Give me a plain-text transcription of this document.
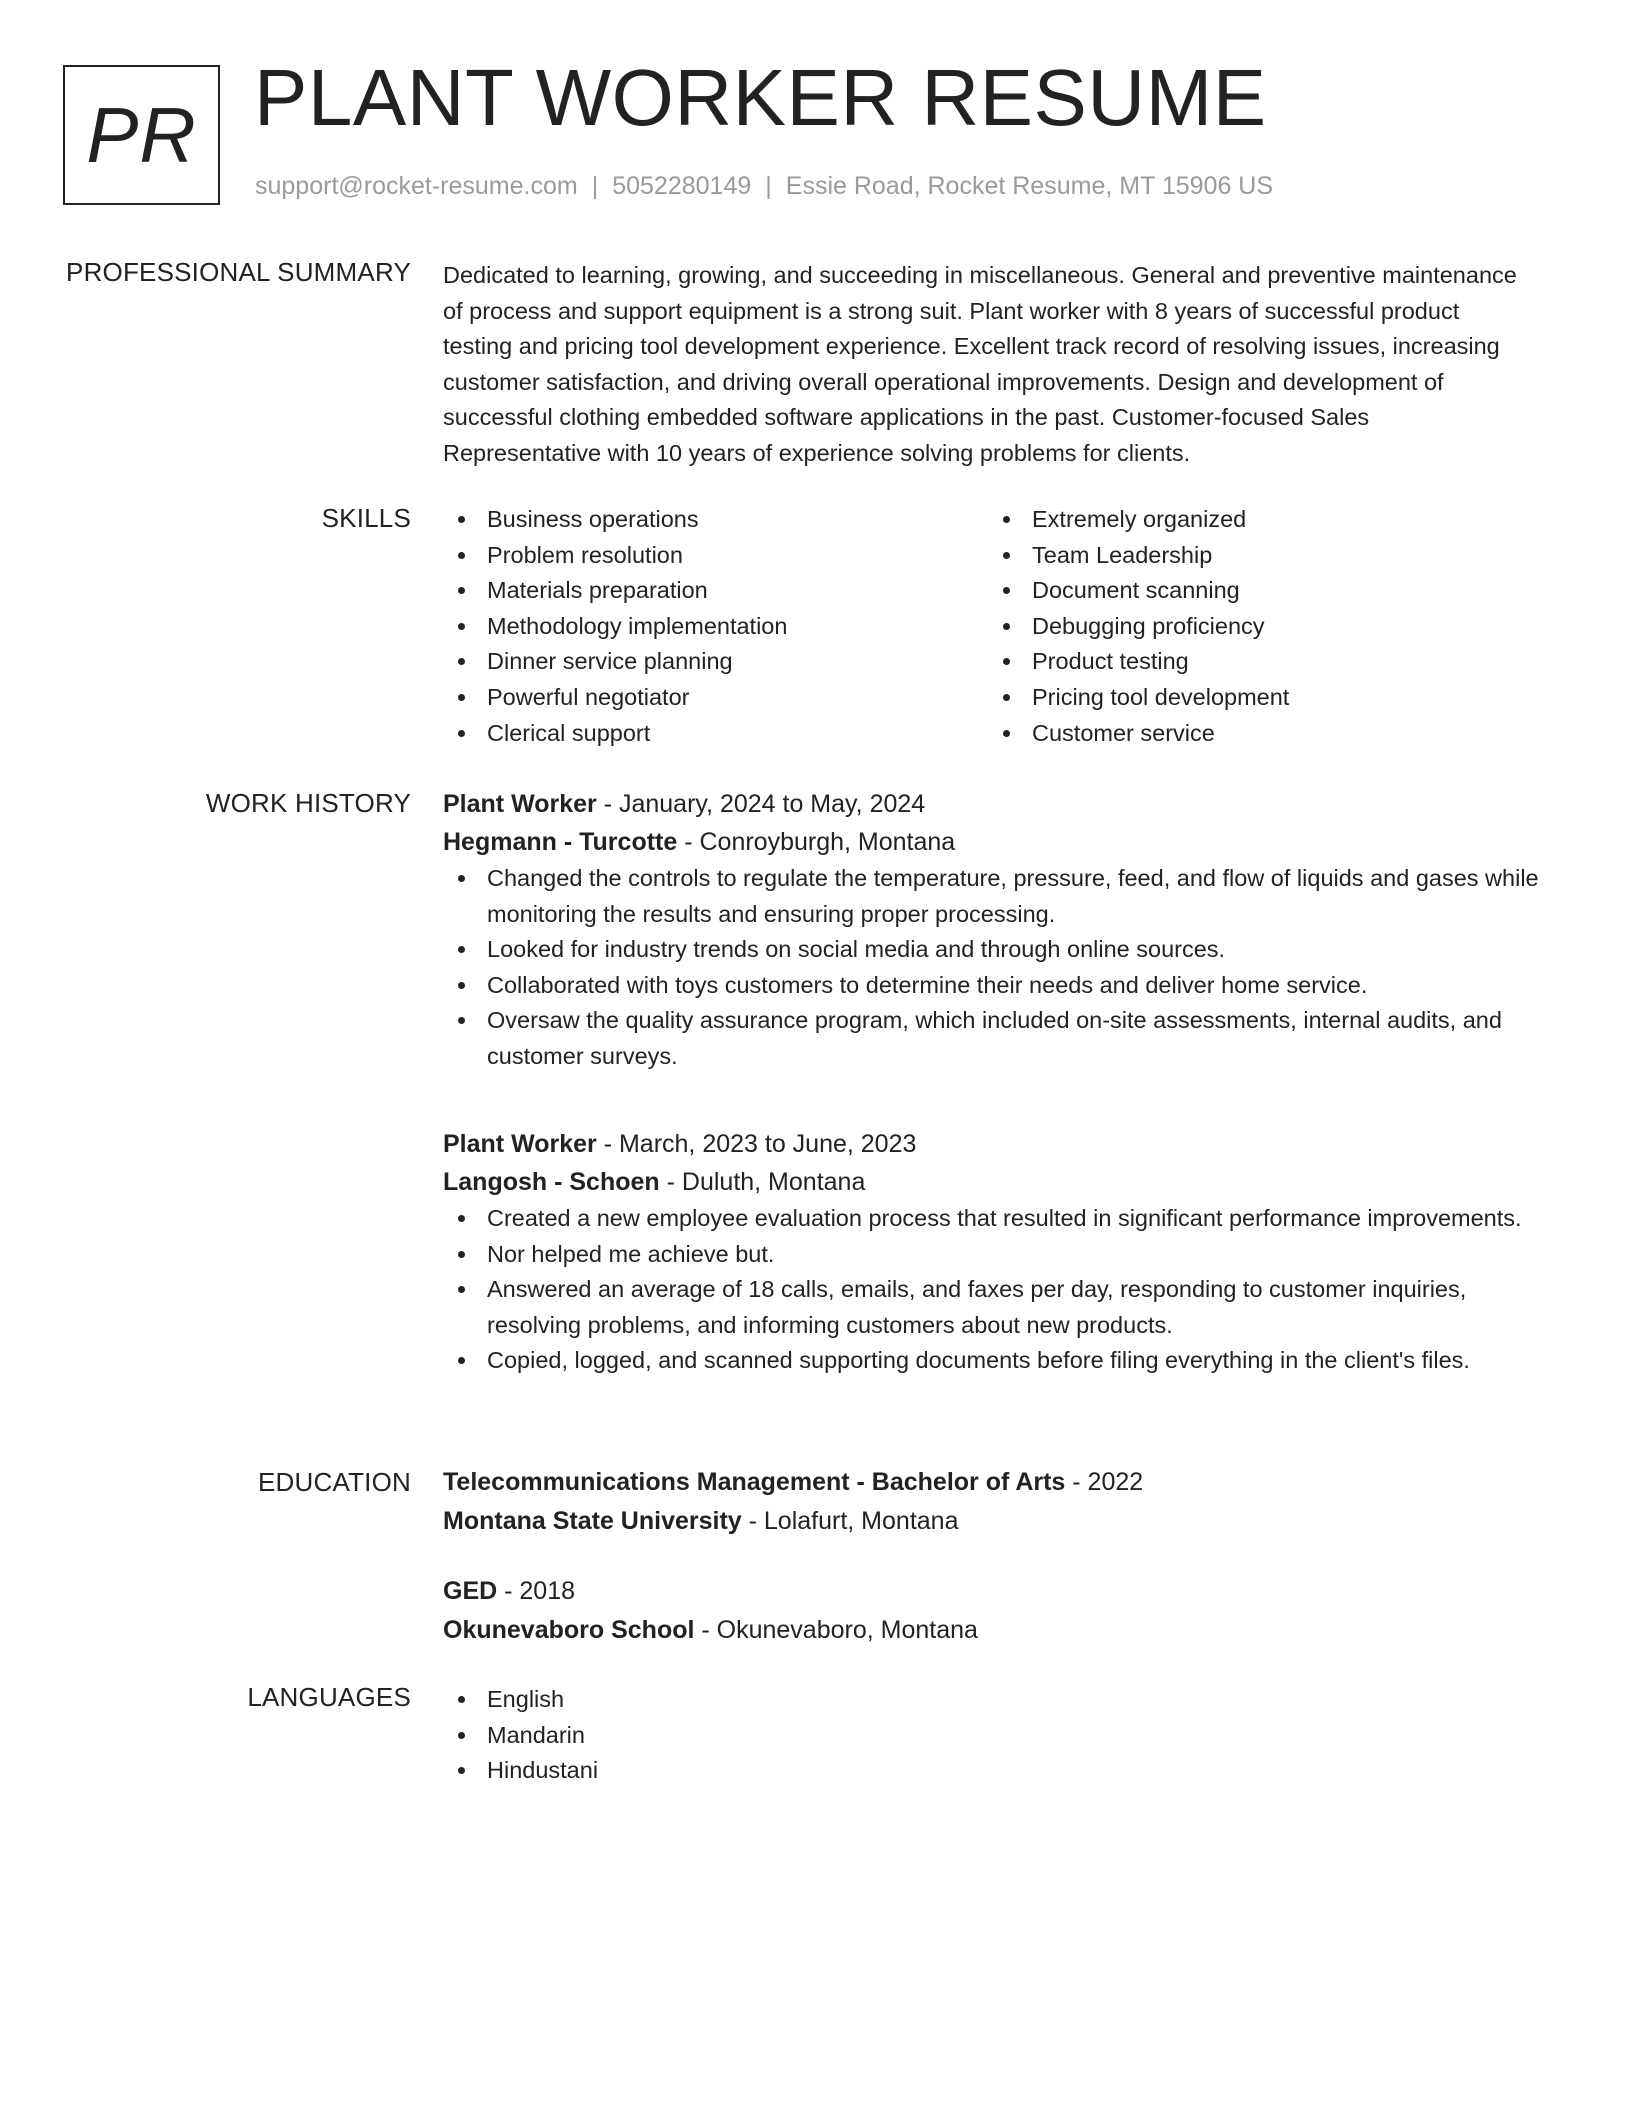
PR PLANT WORKER RESUME
support@rocket-resume.com | 5052280149 | Essie Road, Rocket Resume, MT 15906 US
PROFESSIONAL SUMMARY Dedicated to learning, growing, and succeeding in miscellaneous. General and preventive maintenance of process and support equipment is a strong suit. Plant worker with 8 years of successful product testing and pricing tool development experience. Excellent track record of resolving issues, increasing customer satisfaction, and driving overall operational improvements. Design and development of successful clothing embedded software applications in the past. Customer-focused Sales Representative with 10 years of experience solving problems for clients.
SKILLS	Business operations
Problem resolution
Materials preparation
Methodology implementation
Dinner service planning
Powerful negotiator
Clerical support
Extremely organized
Team Leadership
Document scanning
Debugging proficiency
Product testing
Pricing tool development
Customer service
WORK HISTORY Plant Worker - January, 2024 to May, 2024
Hegmann - Turcotte - Conroyburgh, Montana
Changed the controls to regulate the temperature, pressure, feed, and flow of liquids and gases while monitoring the results and ensuring proper processing.
Looked for industry trends on social media and through online sources.
Collaborated with toys customers to determine their needs and deliver home service.
Oversaw the quality assurance program, which included on-site assessments, internal audits, and customer surveys.
Plant Worker - March, 2023 to June, 2023
Langosh - Schoen - Duluth, Montana
Created a new employee evaluation process that resulted in significant performance improvements.
Nor helped me achieve but.
Answered an average of 18 calls, emails, and faxes per day, responding to customer inquiries, resolving problems, and informing customers about new products.
Copied, logged, and scanned supporting documents before filing everything in the client's files.
EDUCATION Telecommunications Management - Bachelor of Arts - 2022
Montana State University - Lolafurt, Montana
GED - 2018
Okunevaboro School - Okunevaboro, Montana
LANGUAGES	English
Mandarin
Hindustani
